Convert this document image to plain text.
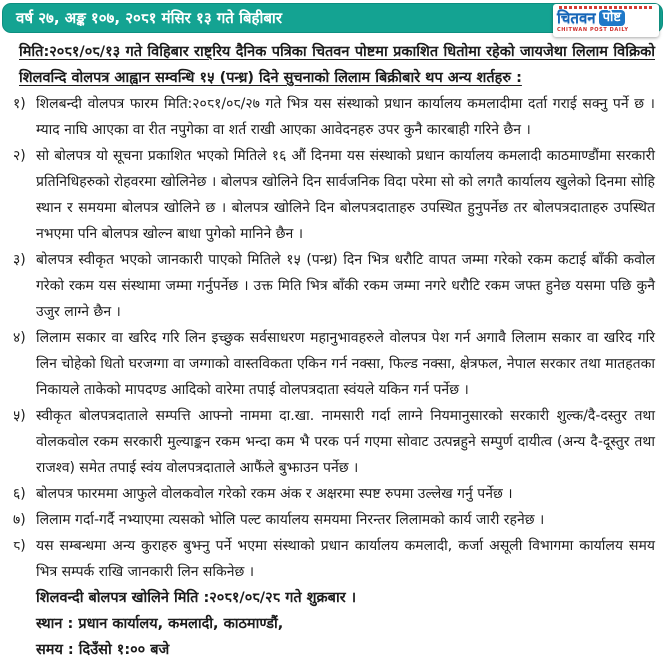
वर्ष २७, अङ्क १०७, २०८१ मंसिर १३ गते बिहीबार	चितवन पोष्ट
CHITWAN POST DAILY

मिति:२०८१/०८/१३ गते विहिबार राष्ट्रिय दैनिक पत्रिका चितवन पोष्टमा प्रकाशित धितोमा रहेको जायजेथा लिलाम विक्रिको शिलवन्दि वोलपत्र आह्वान सम्वन्धि १५ (पन्ध्र) दिने सुचनाको लिलाम बिक्रीबारे थप अन्य शर्तहरु :

१) शिलबन्दी वोलपत्र फारम मिति:२०८१/०८/२७ गते भित्र यस संस्थाको प्रधान कार्यालय कमलादीमा दर्ता गराई सक्नु पर्ने छ । म्याद नाघि आएका वा रीत नपुगेका वा शर्त राखी आएका आवेदनहरु उपर कुनै कारबाही गरिने छैन ।
२) सो बोलपत्र यो सूचना प्रकाशित भएको मितिले १६ औं दिनमा यस संस्थाको प्रधान कार्यालय कमलादी काठमाण्डौंमा सरकारी प्रतिनिधिहरुको रोहवरमा खोलिनेछ । बोलपत्र खोलिने दिन सार्वजनिक विदा परेमा सो को लगतै कार्यालय खुलेको दिनमा सोहि स्थान र समयमा बोलपत्र खोलिने छ । बोलपत्र खोलिने दिन बोलपत्रदाताहरु उपस्थित हुनुपर्नेछ तर बोलपत्रदाताहरु उपस्थित नभएमा पनि बोलपत्र खोल्न बाधा पुगेको मानिने छैन ।
३) बोलपत्र स्वीकृत भएको जानकारी पाएको मितिले १५ (पन्ध्र) दिन भित्र धरौटि वापत जम्मा गरेको रकम कटाई बाँकी कवोल गरेको रकम यस संस्थामा जम्मा गर्नुपर्नेछ । उक्त मिति भित्र बाँकी रकम जम्मा नगरे धरौटि रकम जफ्त हुनेछ यसमा पछि कुनै उजुर लाग्ने छैन ।
४) लिलाम सकार वा खरिद गरि लिन इच्छुक सर्वसाधरण महानुभावहरुले वोलपत्र पेश गर्न अगावै लिलाम सकार वा खरिद गरि लिन चोहेको धितो घरजग्गा वा जग्गाको वास्तविकता एकिन गर्न नक्सा, फिल्ड नक्सा, क्षेत्रफल, नेपाल सरकार तथा मातहतका निकायले ताकेको मापदण्ड आदिको वारेमा तपाई वोलपत्रदाता स्वंयले यकिन गर्न पर्नेछ ।
५) स्वीकृत बोलपत्रदाताले सम्पत्ति आफ्नो नाममा दा.खा. नामसारी गर्दा लाग्ने नियमानुसारको सरकारी शुल्क/दै-दस्तुर तथा वोलकवोल रकम सरकारी मुल्याङ्कन रकम भन्दा कम भै परक पर्न गएमा सोवाट उत्पन्नहुने सम्पुर्ण दायीत्व (अन्य दै-दूस्तुर तथा राजश्व) समेत तपाई स्वंय वोलपत्रदाताले आफैंले बुझाउन पर्नेछ ।
६) बोलपत्र फारममा आफुले वोलकवोल गरेको रकम अंक र अक्षरमा स्पष्ट रुपमा उल्लेख गर्नु पर्नेछ ।
७) लिलाम गर्दा-गर्दै नभ्याएमा त्यसको भोलि पल्ट कार्यालय समयमा निरन्तर लिलामको कार्य जारी रहनेछ ।
८) यस सम्बन्धमा अन्य कुराहरु बुझ्नु पर्ने भएमा संस्थाको प्रधान कार्यालय कमलादी, कर्जा असूली विभागमा कार्यालय समय भित्र सम्पर्क राखि जानकारी लिन सकिनेछ ।

शिलवन्दी बोलपत्र खोलिने मिति :२०८१/०८/२८ गते शुक्रबार ।

स्थान : प्रधान कार्यालय, कमलादी, काठमाण्डौं,

समय : दिउँसो १:०० बजे
